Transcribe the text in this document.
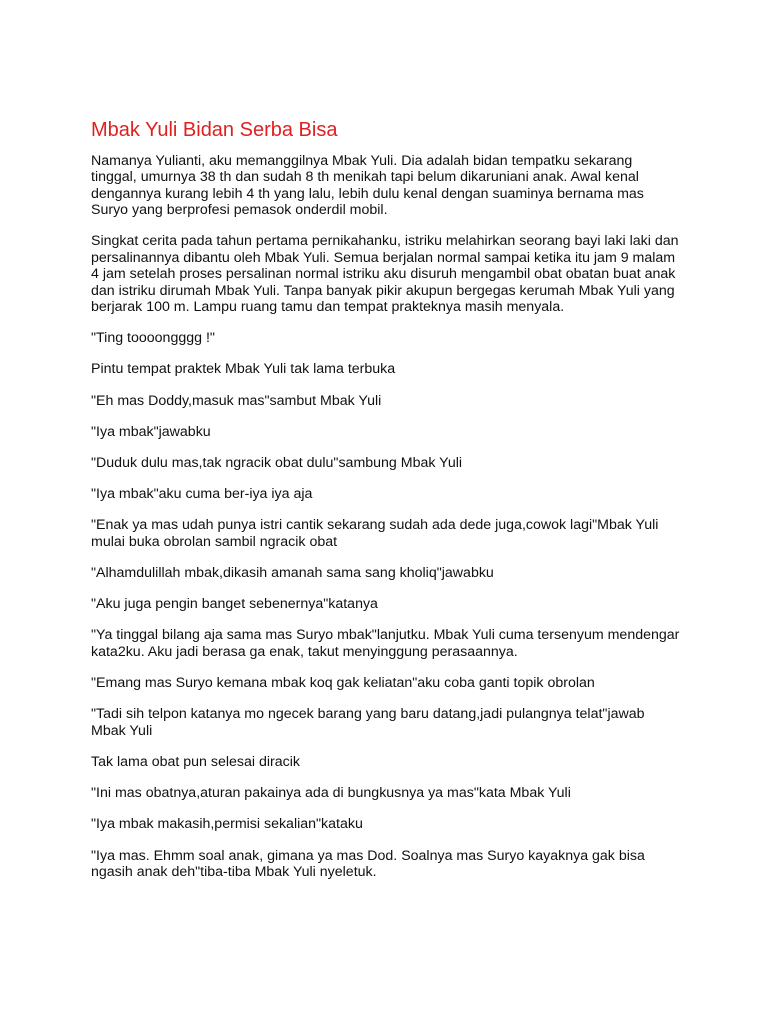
Mbak Yuli Bidan Serba Bisa

Namanya Yulianti, aku memanggilnya Mbak Yuli. Dia adalah bidan tempatku sekarang tinggal, umurnya 38 th dan sudah 8 th menikah tapi belum dikaruniani anak. Awal kenal dengannya kurang lebih 4 th yang lalu, lebih dulu kenal dengan suaminya bernama mas Suryo yang berprofesi pemasok onderdil mobil.

Singkat cerita pada tahun pertama pernikahanku, istriku melahirkan seorang bayi laki laki dan persalinannya dibantu oleh Mbak Yuli. Semua berjalan normal sampai ketika itu jam 9 malam 4 jam setelah proses persalinan normal istriku aku disuruh mengambil obat obatan buat anak dan istriku dirumah Mbak Yuli. Tanpa banyak pikir akupun bergegas kerumah Mbak Yuli yang berjarak 100 m. Lampu ruang tamu dan tempat prakteknya masih menyala.

"Ting toooongggg !"

Pintu tempat praktek Mbak Yuli tak lama terbuka

"Eh mas Doddy,masuk mas"sambut Mbak Yuli

"Iya mbak"jawabku

"Duduk dulu mas,tak ngracik obat dulu"sambung Mbak Yuli

"Iya mbak"aku cuma ber-iya iya aja

"Enak ya mas udah punya istri cantik sekarang sudah ada dede juga,cowok lagi"Mbak Yuli mulai buka obrolan sambil ngracik obat

"Alhamdulillah mbak,dikasih amanah sama sang kholiq"jawabku

"Aku juga pengin banget sebenernya"katanya

"Ya tinggal bilang aja sama mas Suryo mbak"lanjutku. Mbak Yuli cuma tersenyum mendengar kata2ku. Aku jadi berasa ga enak, takut menyinggung perasaannya.

"Emang mas Suryo kemana mbak koq gak keliatan"aku coba ganti topik obrolan

"Tadi sih telpon katanya mo ngecek barang yang baru datang,jadi pulangnya telat"jawab Mbak Yuli

Tak lama obat pun selesai diracik

"Ini mas obatnya,aturan pakainya ada di bungkusnya ya mas"kata Mbak Yuli

"Iya mbak makasih,permisi sekalian"kataku

"Iya mas. Ehmm soal anak, gimana ya mas Dod. Soalnya mas Suryo kayaknya gak bisa ngasih anak deh"tiba-tiba Mbak Yuli nyeletuk.
